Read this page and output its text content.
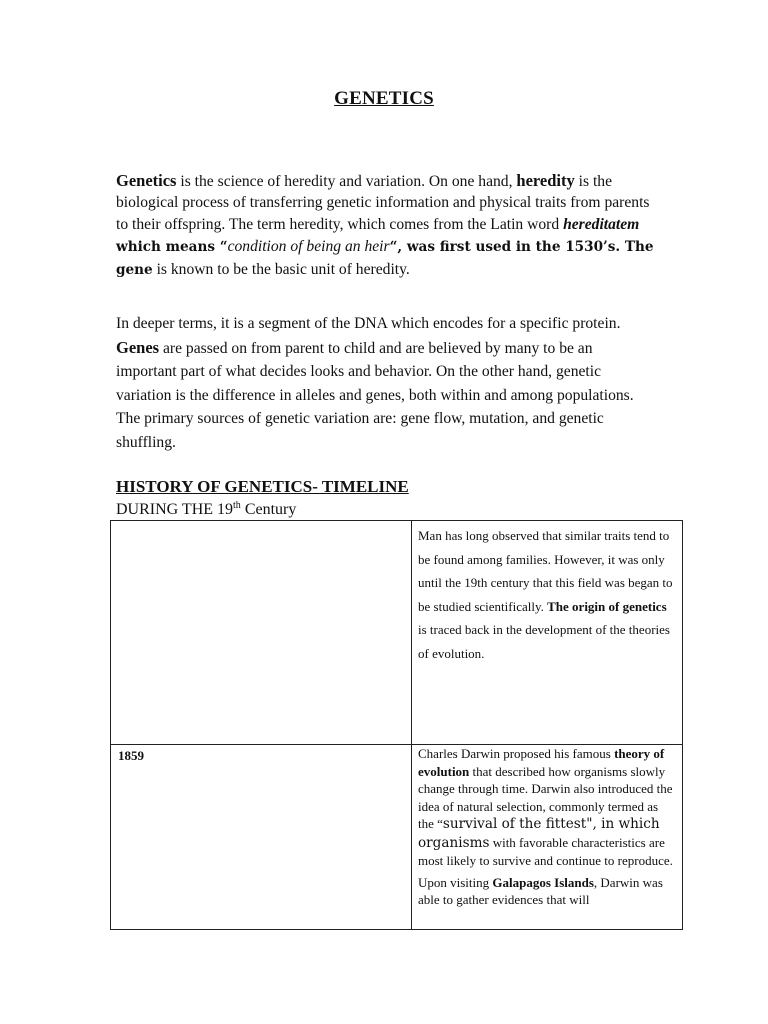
GENETICS

Genetics is the science of heredity and variation. On one hand, heredity is the biological process of transferring genetic information and physical traits from parents to their offspring. The term heredity, which comes from the Latin word hereditatem which means “condition of being an heir“, was first used in the 1530’s. The gene is known to be the basic unit of heredity.

In deeper terms, it is a segment of the DNA which encodes for a specific protein. Genes are passed on from parent to child and are believed by many to be an important part of what decides looks and behavior. On the other hand, genetic variation is the difference in alleles and genes, both within and among populations. The primary sources of genetic variation are: gene flow, mutation, and genetic shuffling.

HISTORY OF GENETICS- TIMELINE
DURING THE 19th Century
	Man has long observed that similar traits tend to be found among families. However, it was only until the 19th century that this field was began to be studied scientifically. The origin of genetics is traced back in the development of the theories of evolution.
1859	Charles Darwin proposed his famous theory of evolution that described how organisms slowly change through time. Darwin also introduced the idea of natural selection, commonly termed as the “survival of the fittest", in which organisms with favorable characteristics are most likely to survive and continue to reproduce.
Upon visiting Galapagos Islands, Darwin was able to gather evidences that will
